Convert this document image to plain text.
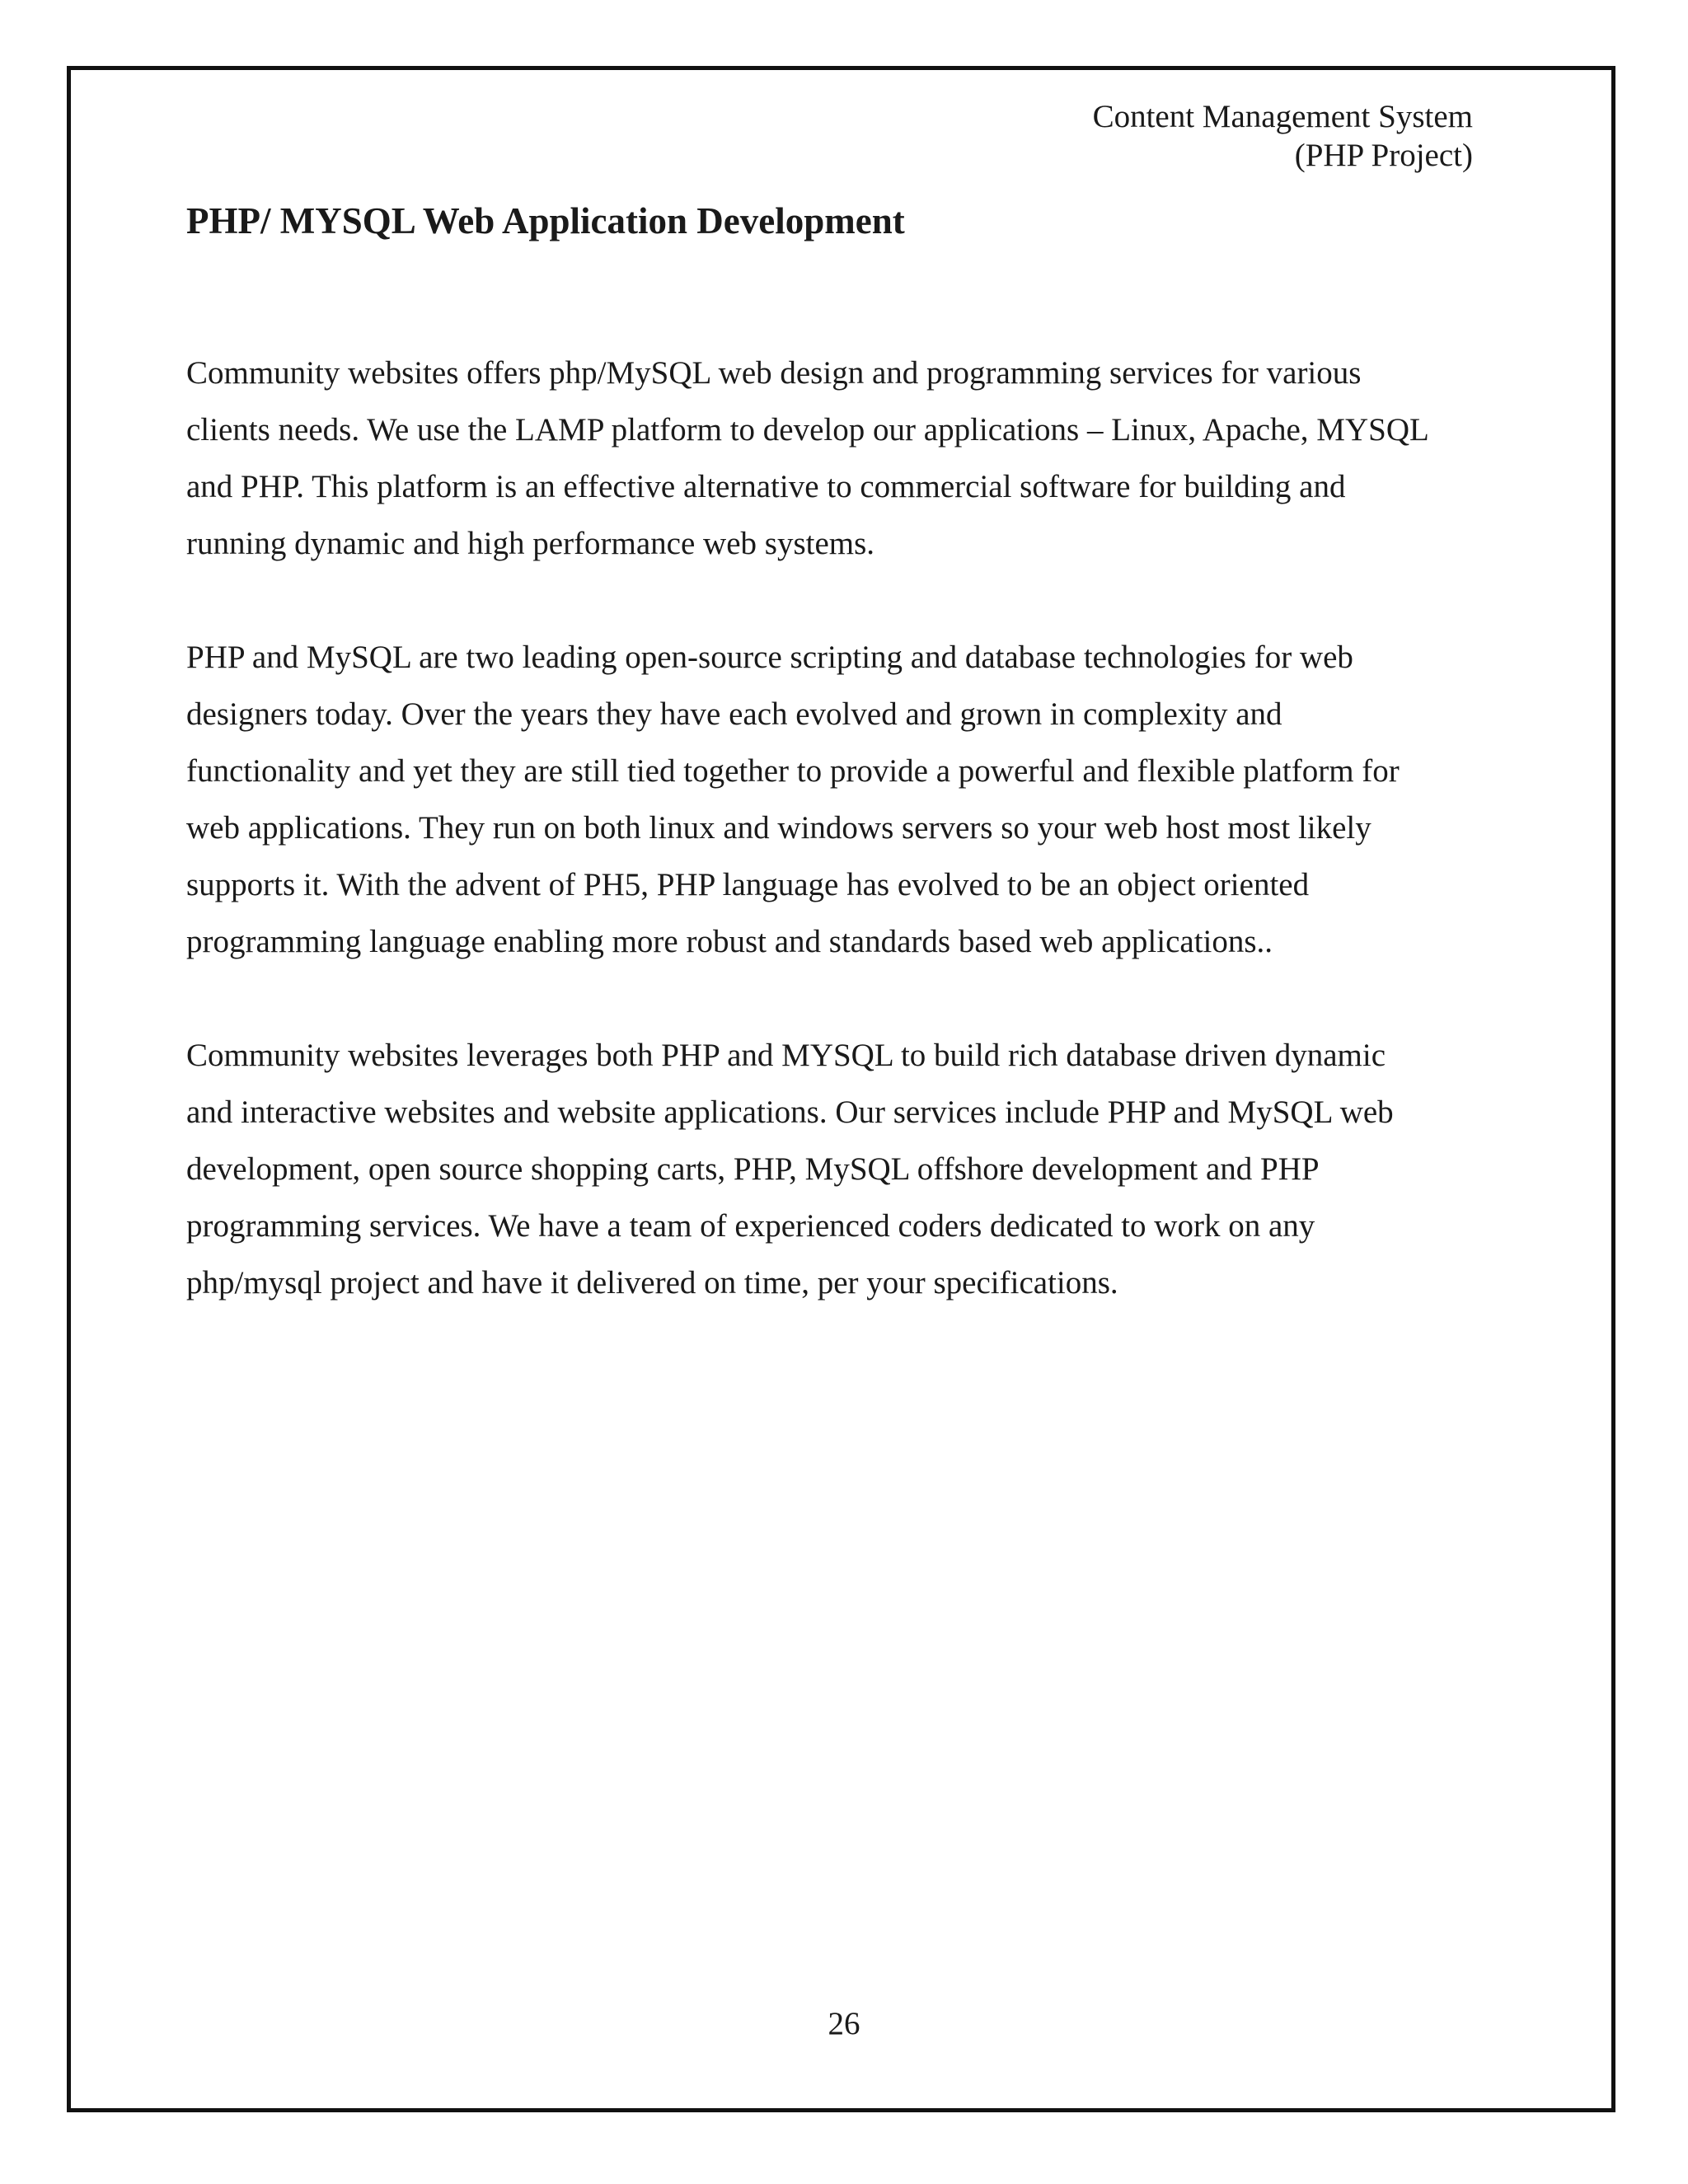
Content Management System
(PHP Project)
PHP/ MYSQL Web Application Development

Community websites offers php/MySQL web design and programming services for various
clients needs. We use the LAMP platform to develop our applications – Linux, Apache, MYSQL
and PHP. This platform is an effective alternative to commercial software for building and
running dynamic and high performance web systems.

PHP and MySQL are two leading open-source scripting and database technologies for web
designers today. Over the years they have each evolved and grown in complexity and
functionality and yet they are still tied together to provide a powerful and flexible platform for
web applications. They run on both linux and windows servers so your web host most likely
supports it. With the advent of PH5, PHP language has evolved to be an object oriented
programming language enabling more robust and standards based web applications..

Community websites leverages both PHP and MYSQL to build rich database driven dynamic
and interactive websites and website applications. Our services include PHP and MySQL web
development, open source shopping carts, PHP, MySQL offshore development and PHP
programming services. We have a team of experienced coders dedicated to work on any
php/mysql project and have it delivered on time, per your specifications.

26
